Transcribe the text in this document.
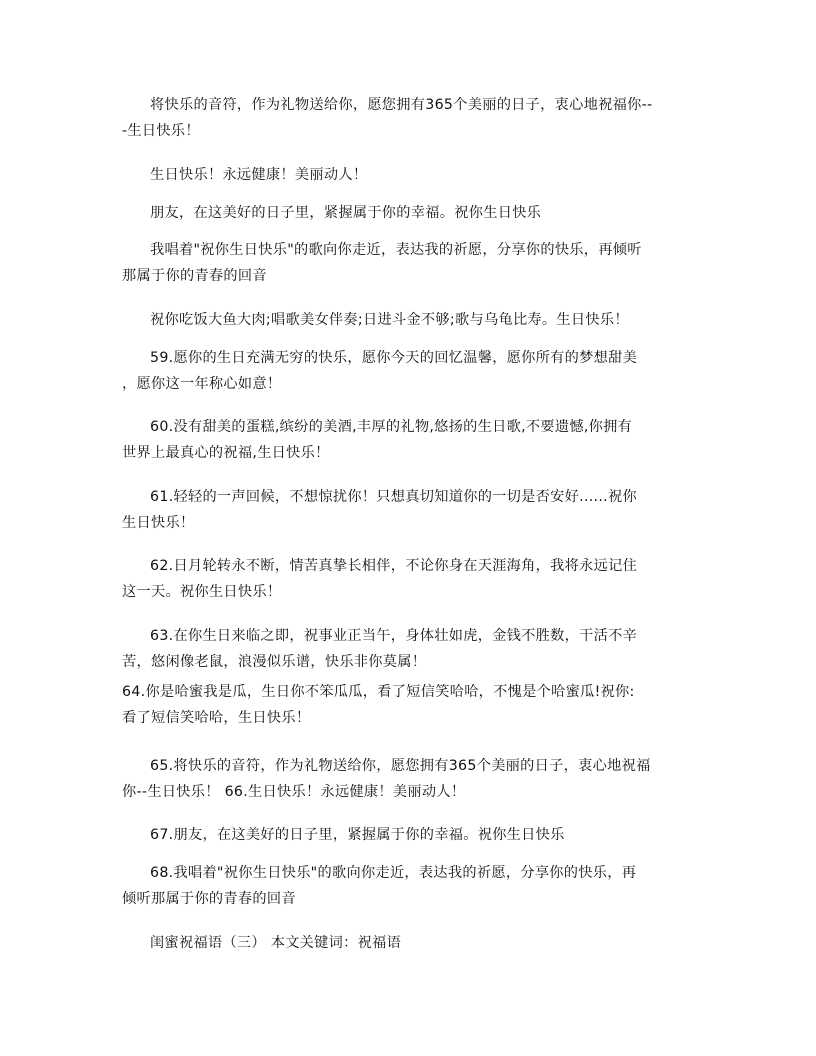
将快乐的音符，作为礼物送给你，愿您拥有365个美丽的日子，衷心地祝福你--
-生日快乐！
生日快乐！永远健康！美丽动人！
朋友，在这美好的日子里，紧握属于你的幸福。祝你生日快乐
我唱着"祝你生日快乐"的歌向你走近，表达我的祈愿，分享你的快乐，再倾听
那属于你的青春的回音
祝你吃饭大鱼大肉;唱歌美女伴奏;日进斗金不够;歌与乌龟比寿。生日快乐！
59.愿你的生日充满无穷的快乐，愿你今天的回忆温馨，愿你所有的梦想甜美
，愿你这一年称心如意！
60.没有甜美的蛋糕,缤纷的美酒,丰厚的礼物,悠扬的生日歌,不要遗憾,你拥有
世界上最真心的祝福,生日快乐！
61.轻轻的一声回候，不想惊扰你！只想真切知道你的一切是否安好......祝你
生日快乐！
62.日月轮转永不断，情苦真挚长相伴，不论你身在天涯海角，我将永远记住
这一天。祝你生日快乐！
63.在你生日来临之即，祝事业正当午，身体壮如虎，金钱不胜数，干活不辛
苦，悠闲像老鼠，浪漫似乐谱，快乐非你莫属！
64.你是哈蜜我是瓜，生日你不笨瓜瓜，看了短信笑哈哈，不愧是个哈蜜瓜!祝你:
看了短信笑哈哈，生日快乐！
65.将快乐的音符，作为礼物送给你，愿您拥有365个美丽的日子，衷心地祝福
你--生日快乐！ 66.生日快乐！永远健康！美丽动人！
67.朋友，在这美好的日子里，紧握属于你的幸福。祝你生日快乐
68.我唱着"祝你生日快乐"的歌向你走近，表达我的祈愿，分享你的快乐，再
倾听那属于你的青春的回音
闺蜜祝福语（三） 本文关键词：祝福语
